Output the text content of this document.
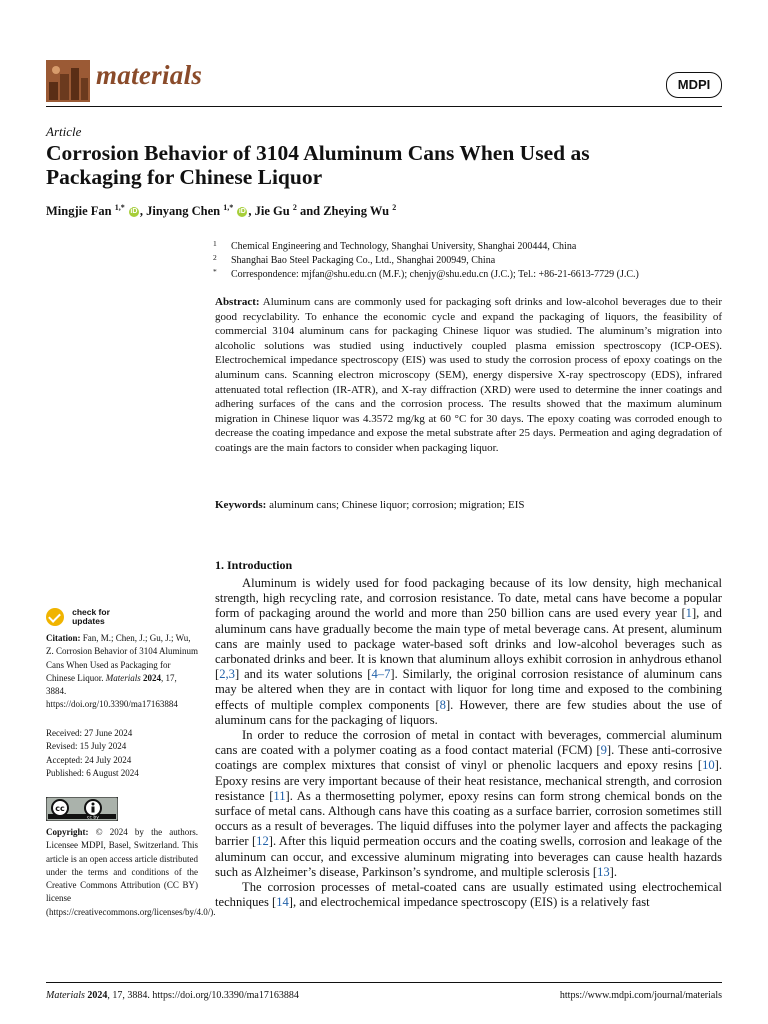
materials	MDPI
Article
Corrosion Behavior of 3104 Aluminum Cans When Used as Packaging for Chinese Liquor
Mingjie Fan $^{1,*}$ iD , Jinyang Chen $^{1,*}$ iD , Jie Gu $^2$ and Zheying Wu $^2$
1 Chemical Engineering and Technology, Shanghai University, Shanghai 200444, China
2 Shanghai Bao Steel Packaging Co., Ltd., Shanghai 200949, China
* Correspondence: mjfan@shu.edu.cn (M.F.); chenjy@shu.edu.cn (J.C.); Tel.: +86-21-6613-7729 (J.C.)
Abstract: Aluminum cans are commonly used for packaging soft drinks and low-alcohol beverages due to their good recyclability. To enhance the economic cycle and expand the packaging of liquors, the feasibility of commercial 3104 aluminum cans for packaging Chinese liquor was studied. The aluminum’s migration into alcoholic solutions was studied using inductively coupled plasma emission spectroscopy (ICP-OES). Electrochemical impedance spectroscopy (EIS) was used to study the corrosion process of epoxy coatings on the aluminum cans. Scanning electron microscopy (SEM), energy dispersive X-ray spectroscopy (EDS), infrared attenuated total reflection (IR-ATR), and X-ray diffraction (XRD) were used to determine the inner coatings and adhering surfaces of the cans and the corrosion process. The results showed that the maximum aluminum migration in Chinese liquor was 4.3572 mg/kg at 60 °C for 30 days. The epoxy coating was corroded enough to decrease the coating impedance and expose the metal substrate after 25 days. Permeation and aging degradation of coatings are the main factors to consider when packaging liquor.
Keywords: aluminum cans; Chinese liquor; corrosion; migration; EIS
1. Introduction

Aluminum is widely used for food packaging because of its low density, high mechanical strength, high recycling rate, and corrosion resistance. To date, metal cans have become a popular form of packaging around the world and more than 250 billion cans are used every year [1], and aluminum cans have gradually become the main type of metal beverage cans. At present, aluminum cans are mainly used to package water-based soft drinks and low-alcohol beverages such as carbonated drinks and beer. It is known that aluminum alloys exhibit corrosion in anhydrous ethanol [2,3] and its water solutions [4–7]. Similarly, the original corrosion resistance of aluminum cans may be altered when they are in contact with liquor for long time and exposed to the combining effects of multiple complex components [8]. However, there are few studies about the use of aluminum cans for the packaging of liquors.

In order to reduce the corrosion of metal in contact with beverages, commercial aluminum cans are coated with a polymer coating as a food contact material (FCM) [9]. These anti-corrosive coatings are complex mixtures that consist of vinyl or phenolic lacquers and epoxy resins [10]. Epoxy resins are very important because of their heat resistance, mechanical strength, and corrosion resistance [11]. As a thermosetting polymer, epoxy resins can form strong chemical bonds on the surface of metal cans. Although cans have this coating as a surface barrier, corrosion sometimes still occurs as a result of beverages. The liquid diffuses into the polymer layer and affects the packaging barrier [12]. After this liquid permeation occurs and the coating swells, corrosion and leakage of the aluminum can occur, and excessive aluminum migrating into beverages can cause health hazards such as Alzheimer’s disease, Parkinson’s syndrome, and multiple sclerosis [13].

The corrosion processes of metal-coated cans are usually estimated using electrochemical techniques [14], and electrochemical impedance spectroscopy (EIS) is a relatively fast

check for
updates
Citation: Fan, M.; Chen, J.; Gu, J.; Wu, Z. Corrosion Behavior of 3104 Aluminum Cans When Used as Packaging for Chinese Liquor. Materials 2024, 17, 3884. https://doi.org/10.3390/ma17163884
Received: 27 June 2024
Revised: 15 July 2024
Accepted: 24 July 2024
Published: 6 August 2024
cc
cc by
Copyright: © 2024 by the authors. Licensee MDPI, Basel, Switzerland. This article is an open access article distributed under the terms and conditions of the Creative Commons Attribution (CC BY) license (https://creativecommons.org/licenses/by/4.0/).
Materials 2024, 17, 3884. https://doi.org/10.3390/ma17163884	https://www.mdpi.com/journal/materials
